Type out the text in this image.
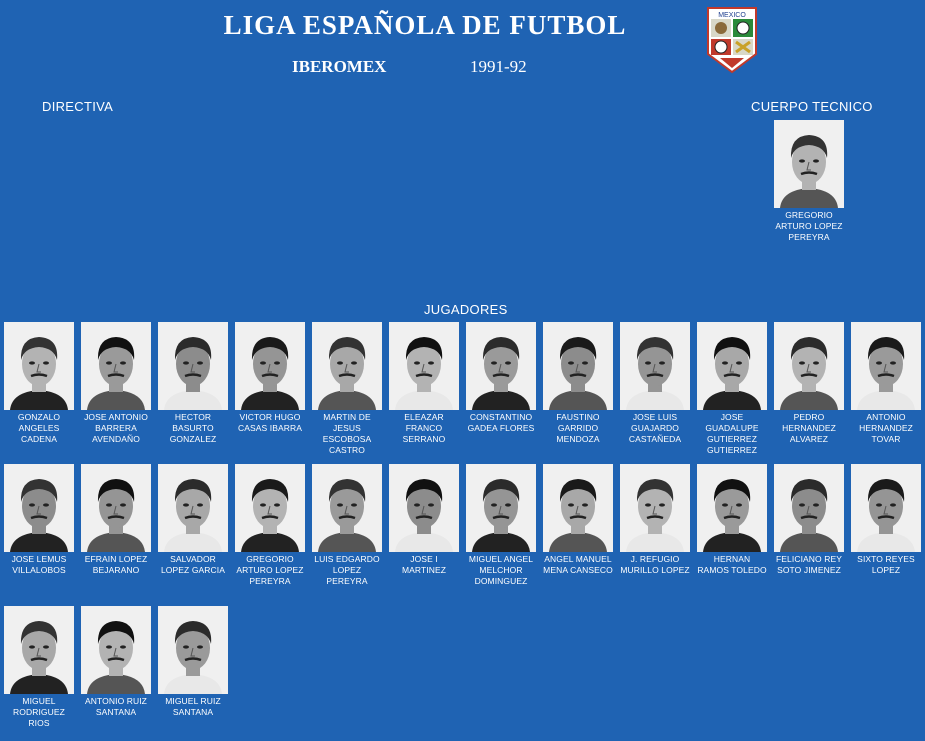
LIGA ESPAÑOLA DE FUTBOL
IBEROMEX	1991-92
MEXICO
DIRECTIVA	CUERPO TECNICO
JUGADORES
GREGORIO ARTURO LOPEZ PEREYRA
GONZALO ANGELES CADENA
JOSE ANTONIO BARRERA AVENDAÑO
HECTOR BASURTO GONZALEZ
VICTOR HUGO CASAS IBARRA
MARTIN DE JESUS ESCOBOSA CASTRO
ELEAZAR FRANCO SERRANO
CONSTANTINO GADEA FLORES
FAUSTINO GARRIDO MENDOZA
JOSE LUIS GUAJARDO CASTAÑEDA
JOSE GUADALUPE GUTIERREZ GUTIERREZ
PEDRO HERNANDEZ ALVAREZ
ANTONIO HERNANDEZ TOVAR
JOSE LEMUS VILLALOBOS
EFRAIN LOPEZ BEJARANO
SALVADOR LOPEZ GARCIA
GREGORIO ARTURO LOPEZ PEREYRA
LUIS EDGARDO LOPEZ PEREYRA
JOSE I MARTINEZ
MIGUEL ANGEL MELCHOR DOMINGUEZ
ANGEL MANUEL MENA CANSECO
J. REFUGIO MURILLO LOPEZ
HERNAN RAMOS TOLEDO
FELICIANO REY SOTO JIMENEZ
SIXTO REYES LOPEZ
MIGUEL RODRIGUEZ RIOS
ANTONIO RUIZ SANTANA
MIGUEL RUIZ SANTANA
